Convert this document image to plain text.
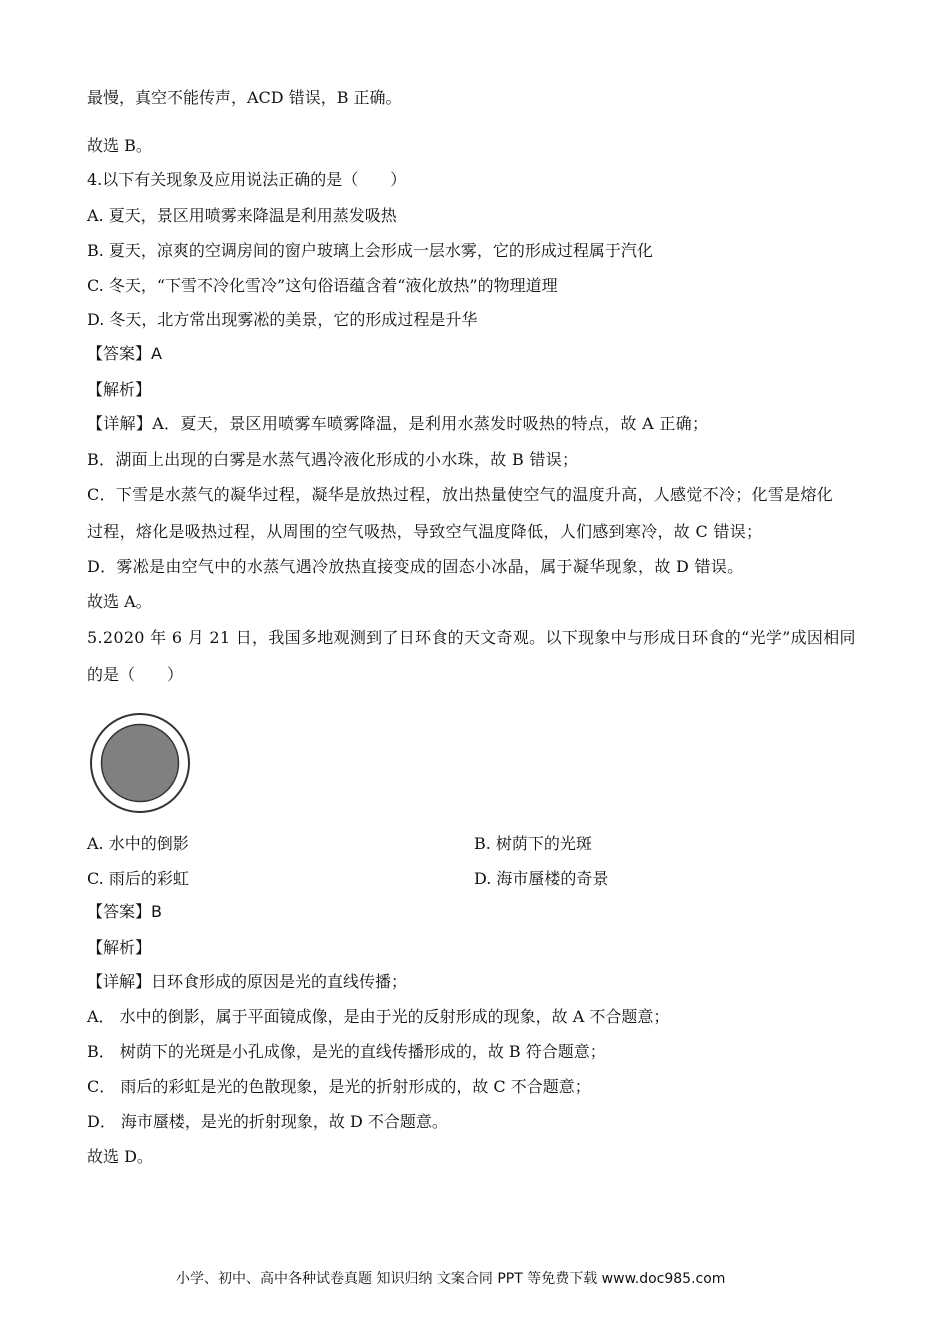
最慢，真空不能传声，ACD 错误，B 正确。
故选 B。
4.以下有关现象及应用说法正确的是（　　）
A. 夏天，景区用喷雾来降温是利用蒸发吸热
B. 夏天，凉爽的空调房间的窗户玻璃上会形成一层水雾，它的形成过程属于汽化
C. 冬天，“下雪不冷化雪冷”这句俗语蕴含着“液化放热”的物理道理
D. 冬天，北方常出现雾凇的美景，它的形成过程是升华
【答案】A
【解析】
【详解】A．夏天，景区用喷雾车喷雾降温，是利用水蒸发时吸热的特点，故 A 正确；
B．湖面上出现的白雾是水蒸气遇冷液化形成的小水珠，故 B 错误；
C．下雪是水蒸气的凝华过程，凝华是放热过程，放出热量使空气的温度升高，人感觉不冷；化雪是熔化
过程，熔化是吸热过程，从周围的空气吸热，导致空气温度降低，人们感到寒冷，故 C 错误；
D．雾凇是由空气中的水蒸气遇冷放热直接变成的固态小冰晶，属于凝华现象，故 D 错误。
故选 A。
5.2020 年 6 月 21 日，我国多地观测到了日环食的天文奇观。以下现象中与形成日环食的“光学”成因相同
的是（　　）
A. 水中的倒影	B. 树荫下的光斑
C. 雨后的彩虹	D. 海市蜃楼的奇景
【答案】B
【解析】
【详解】日环食形成的原因是光的直线传播；
A． 水中的倒影，属于平面镜成像，是由于光的反射形成的现象，故 A 不合题意；
B． 树荫下的光斑是小孔成像，是光的直线传播形成的，故 B 符合题意；
C． 雨后的彩虹是光的色散现象，是光的折射形成的，故 C 不合题意；
D． 海市蜃楼，是光的折射现象，故 D 不合题意。
故选 D。
小学、初中、高中各种试卷真题 知识归纳 文案合同 PPT 等免费下载 www.doc985.com
